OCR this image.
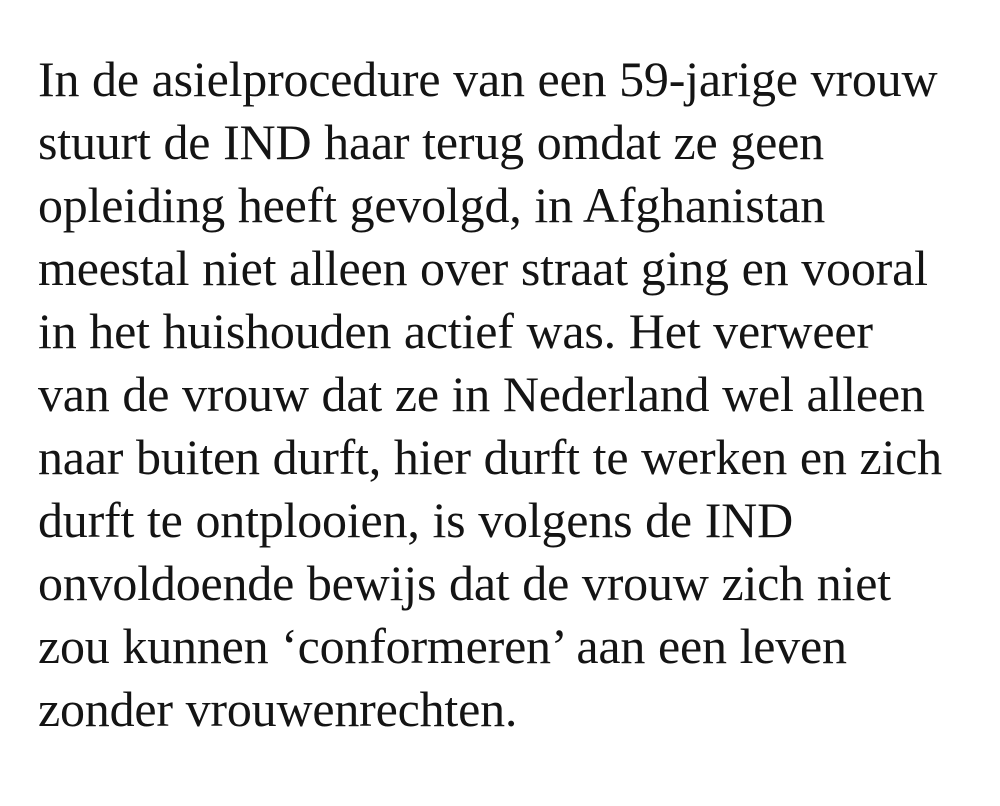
In de asielprocedure van een 59-jarige vrouw stuurt de IND haar terug omdat ze geen opleiding heeft gevolgd, in Afghanistan meestal niet alleen over straat ging en vooral in het huishouden actief was. Het verweer van de vrouw dat ze in Nederland wel alleen naar buiten durft, hier durft te werken en zich durft te ontplooien, is volgens de IND onvoldoende bewijs dat de vrouw zich niet zou kunnen ‘conformeren’ aan een leven zonder vrouwenrechten.
